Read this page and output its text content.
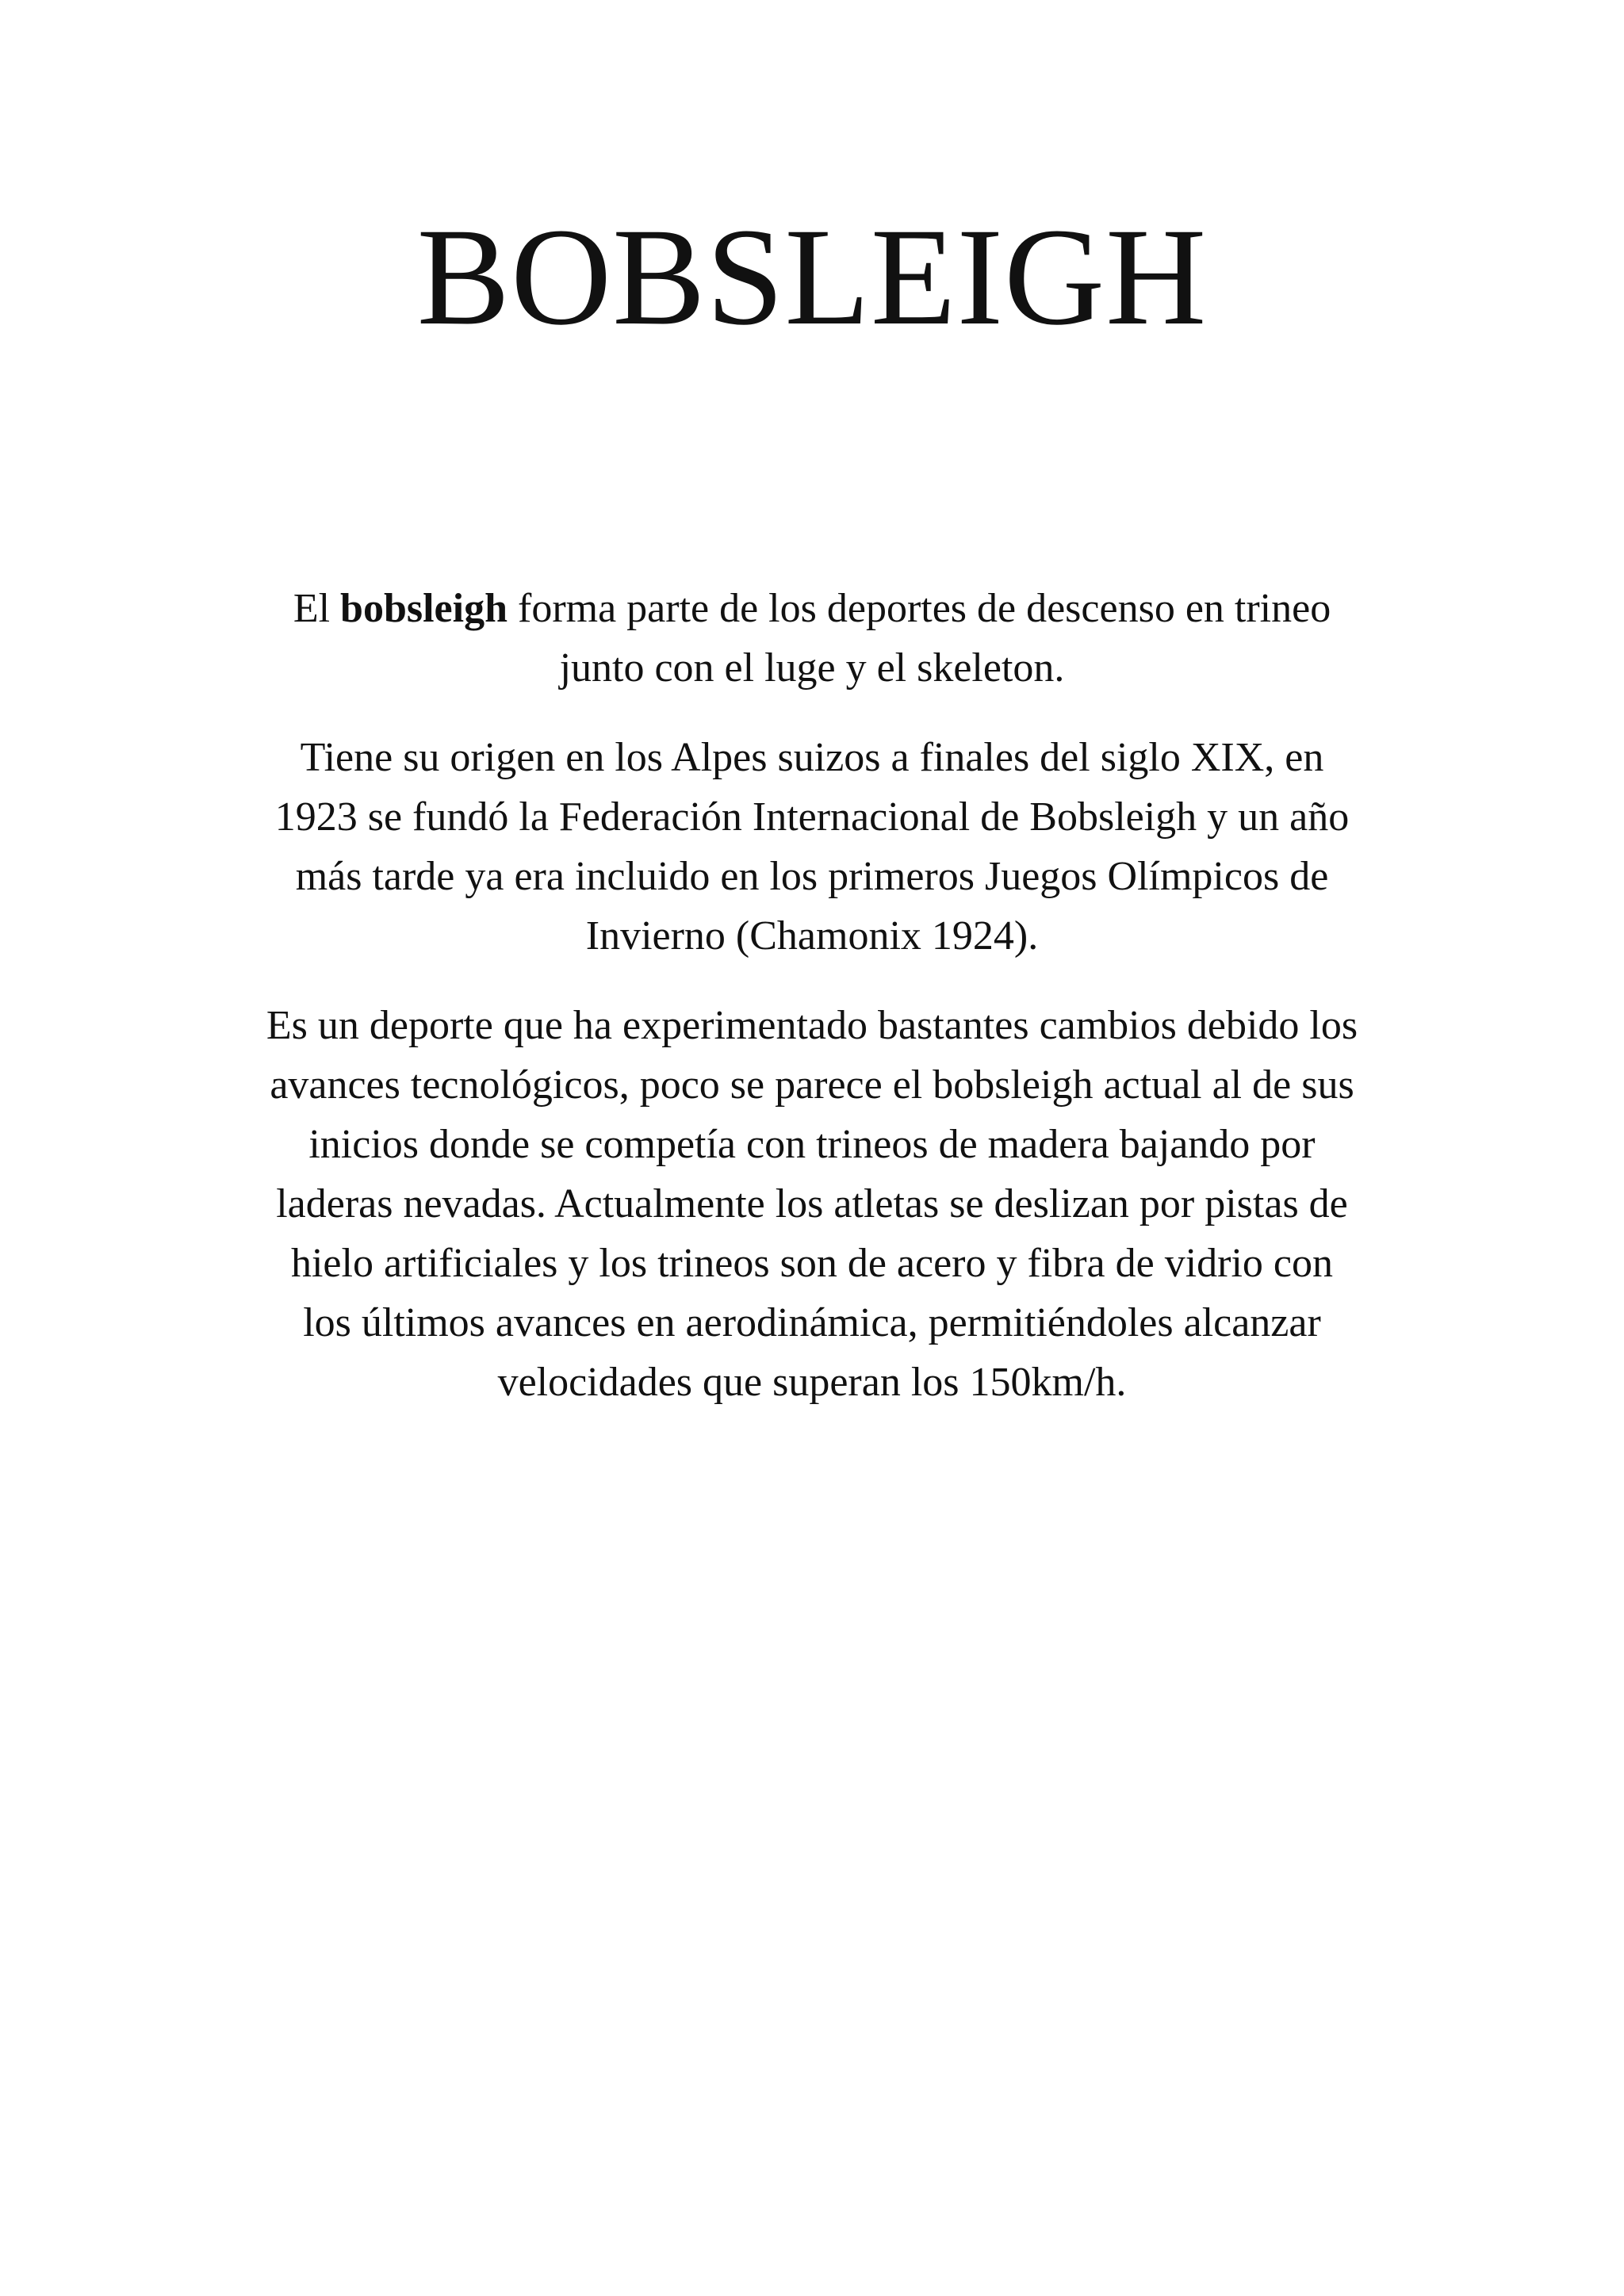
BOBSLEIGH

El bobsleigh forma parte de los deportes de descenso en trineo
junto con el luge y el skeleton.

Tiene su origen en los Alpes suizos a finales del siglo XIX, en
1923 se fundó la Federación Internacional de Bobsleigh y un año
más tarde ya era incluido en los primeros Juegos Olímpicos de
Invierno (Chamonix 1924).

Es un deporte que ha experimentado bastantes cambios debido los
avances tecnológicos, poco se parece el bobsleigh actual al de sus
inicios donde se competía con trineos de madera bajando por
laderas nevadas. Actualmente los atletas se deslizan por pistas de
hielo artificiales y los trineos son de acero y fibra de vidrio con
los últimos avances en aerodinámica, permitiéndoles alcanzar
velocidades que superan los 150km/h.
